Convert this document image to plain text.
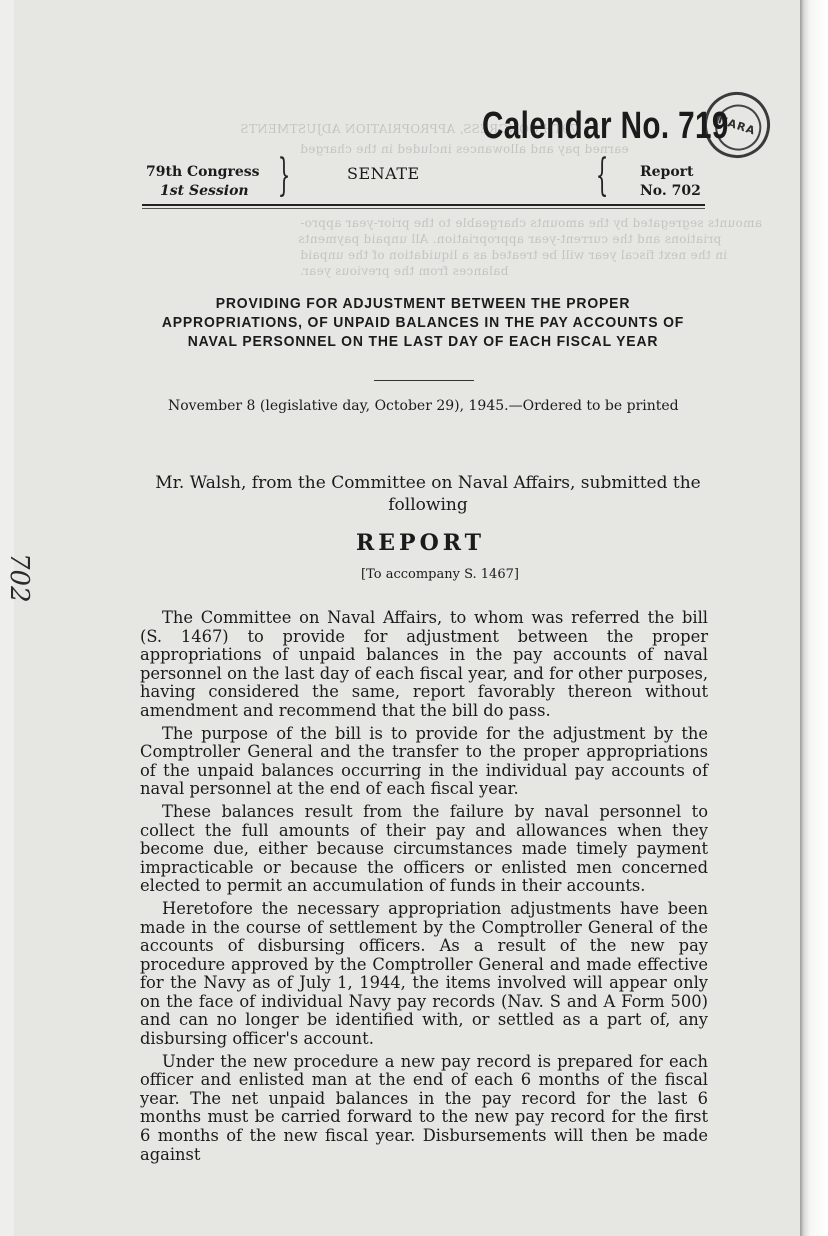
79TH CONGRESS, APPROPRIATION ADJUSTMENTS
earned pay and allowances included in the charged
amounts segregated by the amounts chargeable to the prior-year appro-
priations and the current-year appropriation. All unpaid payments
in the next fiscal year will be treated as a liquidation of the unpaid
balances from the previous year.
NARA
Calendar No. 719
79th Congress
1st Session }	SENATE	{ Report
No. 702
PROVIDING FOR ADJUSTMENT BETWEEN THE PROPER APPROPRIATIONS, OF UNPAID BALANCES IN THE PAY ACCOUNTS OF NAVAL PERSONNEL ON THE LAST DAY OF EACH FISCAL YEAR
November 8 (legislative day, October 29), 1945.—Ordered to be printed
Mr. Walsh, from the Committee on Naval Affairs, submitted the following
REPORT
[To accompany S. 1467]
702

The Committee on Naval Affairs, to whom was referred the bill (S. 1467) to provide for adjustment between the proper appropriations of unpaid balances in the pay accounts of naval personnel on the last day of each fiscal year, and for other purposes, having considered the same, report favorably thereon without amendment and recommend that the bill do pass.

The purpose of the bill is to provide for the adjustment by the Comptroller General and the transfer to the proper appropriations of the unpaid balances occurring in the individual pay accounts of naval personnel at the end of each fiscal year.

These balances result from the failure by naval personnel to collect the full amounts of their pay and allowances when they become due, either because circumstances made timely payment impracticable or because the officers or enlisted men concerned elected to permit an accumulation of funds in their accounts.

Heretofore the necessary appropriation adjustments have been made in the course of settlement by the Comptroller General of the accounts of disbursing officers. As a result of the new pay procedure approved by the Comptroller General and made effective for the Navy as of July 1, 1944, the items involved will appear only on the face of individual Navy pay records (Nav. S and A Form 500) and can no longer be identified with, or settled as a part of, any disbursing officer's account.

Under the new procedure a new pay record is prepared for each officer and enlisted man at the end of each 6 months of the fiscal year. The net unpaid balances in the pay record for the last 6 months must be carried forward to the new pay record for the first 6 months of the new fiscal year. Disbursements will then be made against
